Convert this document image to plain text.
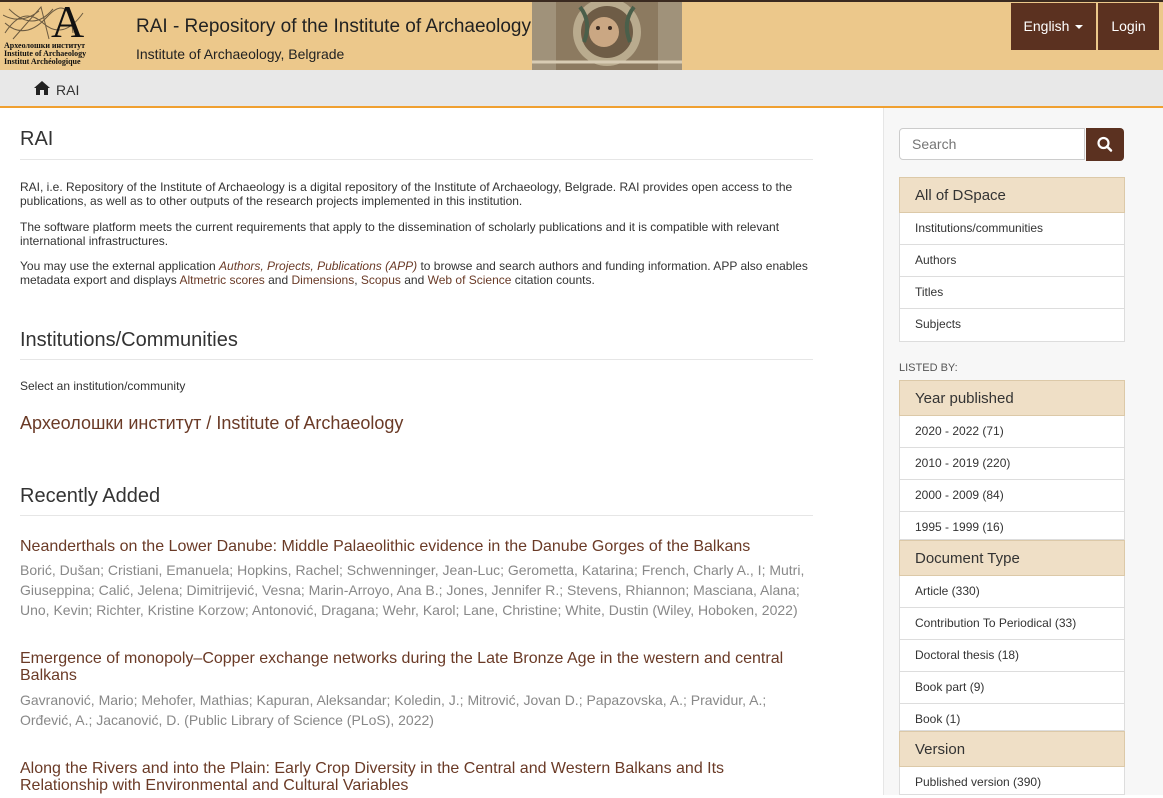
A
Археолошки институт
Institute of Archaeology
Institut Archéologique
RAI - Repository of the Institute of Archaeology
Institute of Archaeology, Belgrade
English	Login
RAI
RAI
RAI, i.e. Repository of the Institute of Archaeology is a digital repository of the Institute of Archaeology, Belgrade. RAI provides open access to the publications, as well as to other outputs of the research projects implemented in this institution.
The software platform meets the current requirements that apply to the dissemination of scholarly publications and it is compatible with relevant international infrastructures.
You may use the external application Authors, Projects, Publications (APP) to browse and search authors and funding information. APP also enables metadata export and displays Altmetric scores and Dimensions, Scopus and Web of Science citation counts.
Institutions/Communities
Select an institution/community
Археолошки институт / Institute of Archaeology
Recently Added
Neanderthals on the Lower Danube: Middle Palaeolithic evidence in the Danube Gorges of the Balkans
Borić, Dušan; Cristiani, Emanuela; Hopkins, Rachel; Schwenninger, Jean-Luc; Gerometta, Katarina; French, Charly A., I; Mutri, Giuseppina; Calić, Jelena; Dimitrijević, Vesna; Marin-Arroyo, Ana B.; Jones, Jennifer R.; Stevens, Rhiannon; Masciana, Alana; Uno, Kevin; Richter, Kristine Korzow; Antonović, Dragana; Wehr, Karol; Lane, Christine; White, Dustin (Wiley, Hoboken, 2022)
Emergence of monopoly–Copper exchange networks during the Late Bronze Age in the western and central Balkans
Gavranović, Mario; Mehofer, Mathias; Kapuran, Aleksandar; Koledin, J.; Mitrović, Jovan D.; Papazovska, A.; Pravidur, A.; Orđević, A.; Jacanović, D. (Public Library of Science (PLoS), 2022)
Along the Rivers and into the Plain: Early Crop Diversity in the Central and Western Balkans and Its Relationship with Environmental and Cultural Variables
Search
All of DSpace
Institutions/communities
Authors
Titles
Subjects
LISTED BY:
Year published
2020 - 2022 (71)
2010 - 2019 (220)
2000 - 2009 (84)
1995 - 1999 (16)
Document Type
Article (330)
Contribution To Periodical (33)
Doctoral thesis (18)
Book part (9)
Book (1)
Version
Published version (390)
